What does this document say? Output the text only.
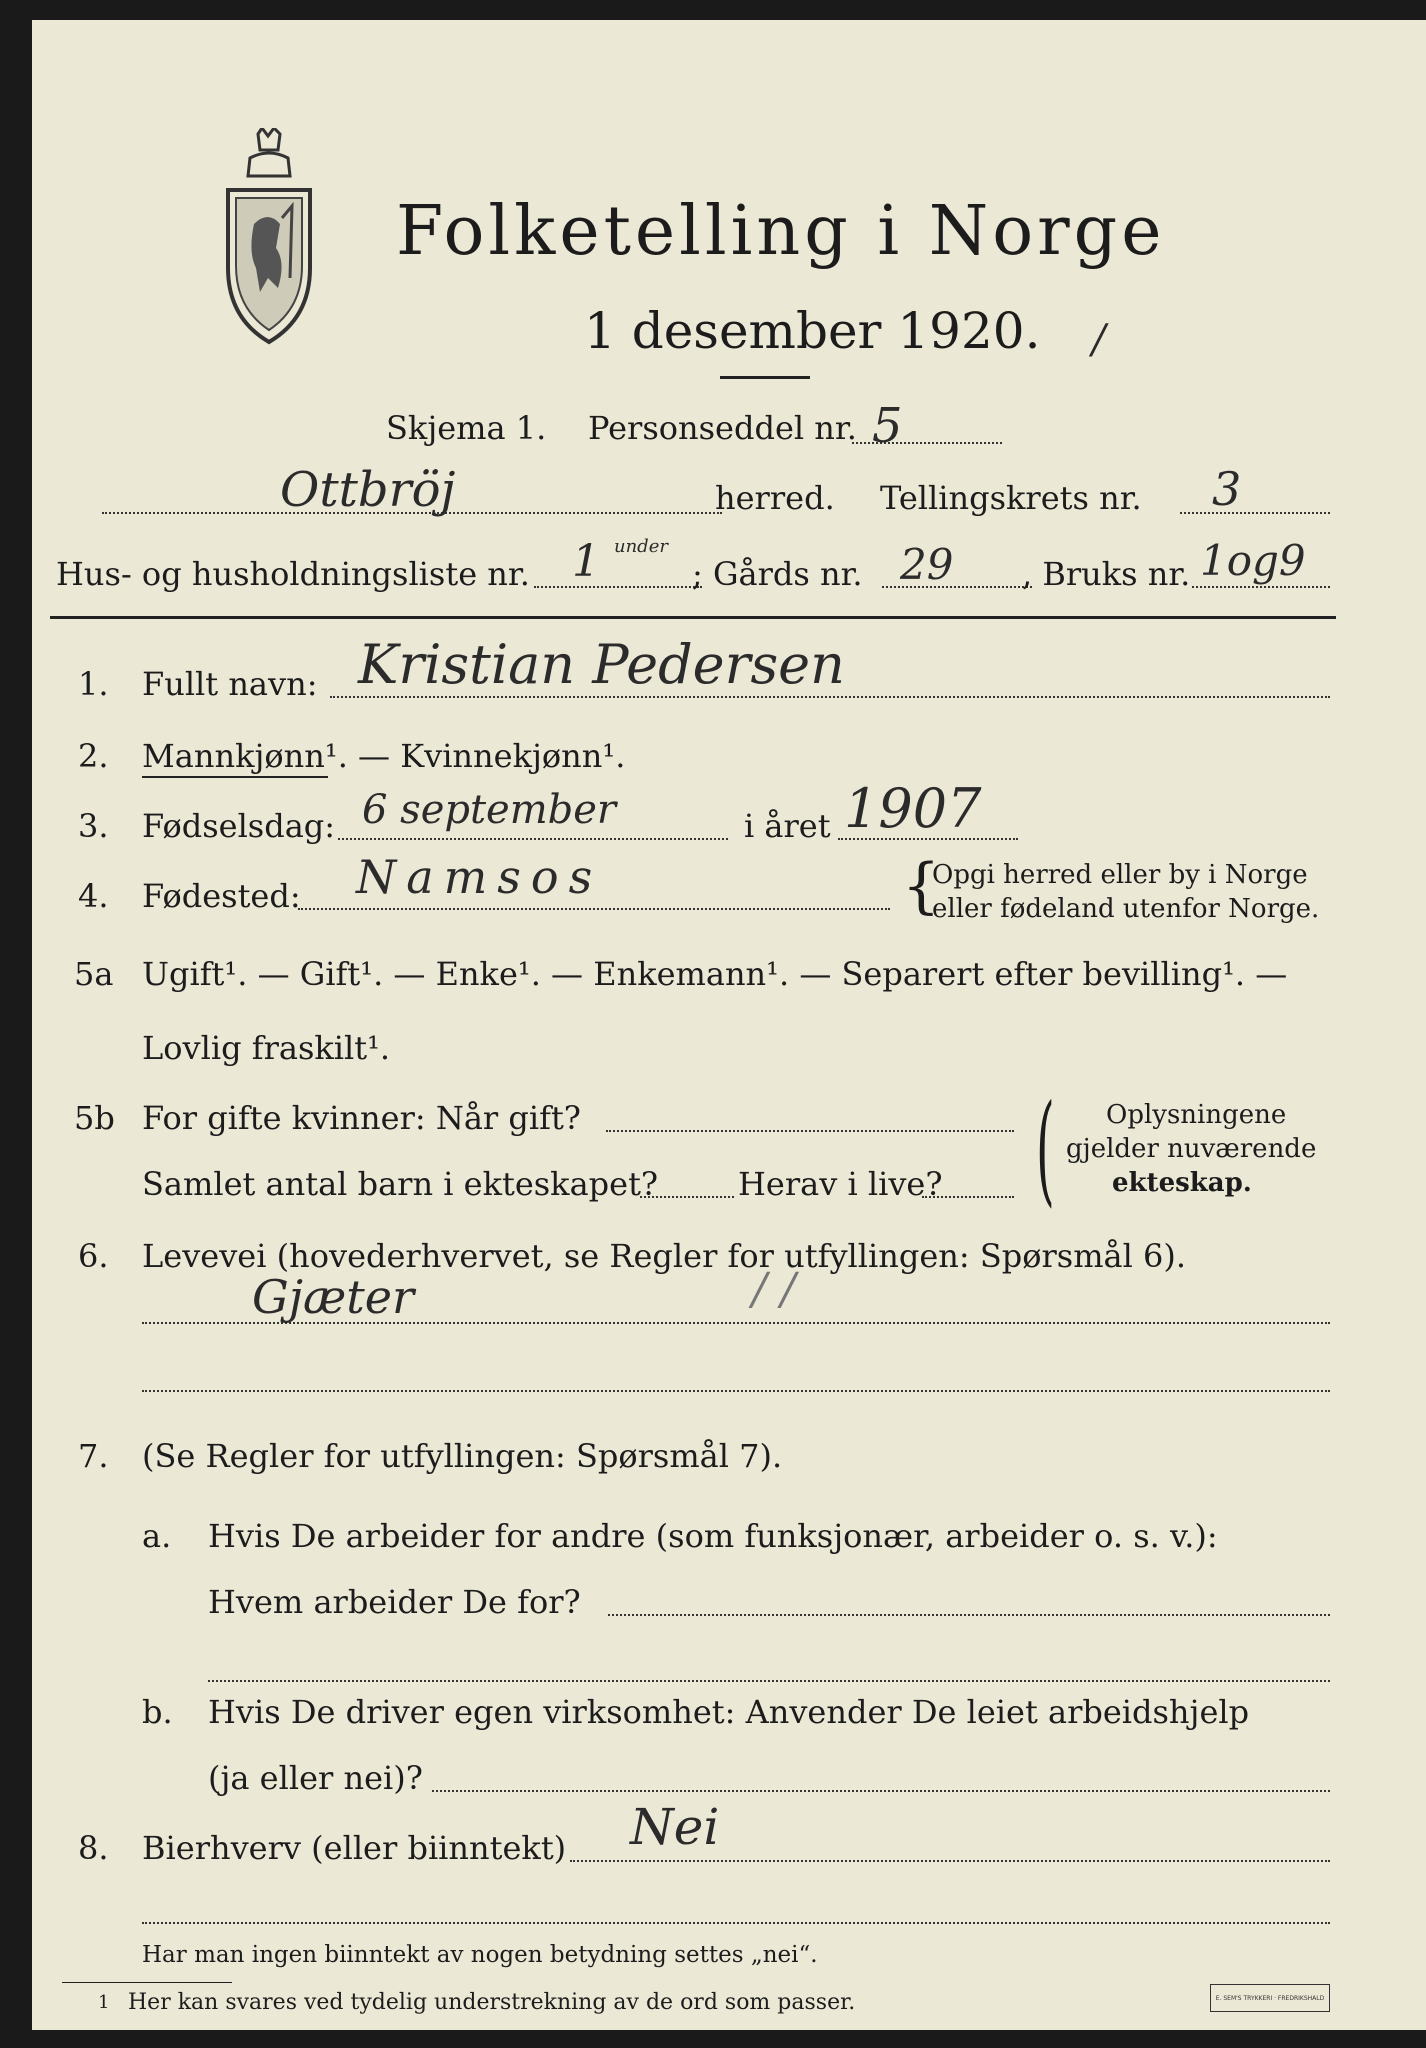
Folketelling i Norge
1 desember 1920. /
Skjema 1. Personseddel nr. 5
Ottbröj	herred. Tellingskrets nr. 3
Hus- og husholdningsliste nr. 1 under
; Gårds nr. 29 , Bruks nr. 1og9
1. Fullt navn: Kristian Pedersen
2. Mannkjønn¹. — Kvinnekjønn¹.
3. Fødselsdag: 6 september	i året 1907
4. Fødested: Namsos	{
Opgi herred eller by i Norge
eller fødeland utenfor Norge.
5a Ugift¹. — Gift¹. — Enke¹. — Enkemann¹. — Separert efter bevilling¹. —
Lovlig fraskilt¹.
5b For gifte kvinner: Når gift?
Samlet antal barn i ekteskapet? Herav i live? ( Oplysningene
gjelder nuværende
ekteskap.
6. Levevei (hovederhvervet, se Regler for utfyllingen: Spørsmål 6).
Gjæter	/ /
7. (Se Regler for utfyllingen: Spørsmål 7).
a. Hvis De arbeider for andre (som funksjonær, arbeider o. s. v.):
Hvem arbeider De for?
b. Hvis De driver egen virksomhet: Anvender De leiet arbeidshjelp
(ja eller nei)?
8. Bierhverv (eller biinntekt) Nei
Har man ingen biinntekt av nogen betydning settes „nei“.
1 Her kan svares ved tydelig understrekning av de ord som passer.	E. SEM'S TRYKKERI · FREDRIKSHALD
